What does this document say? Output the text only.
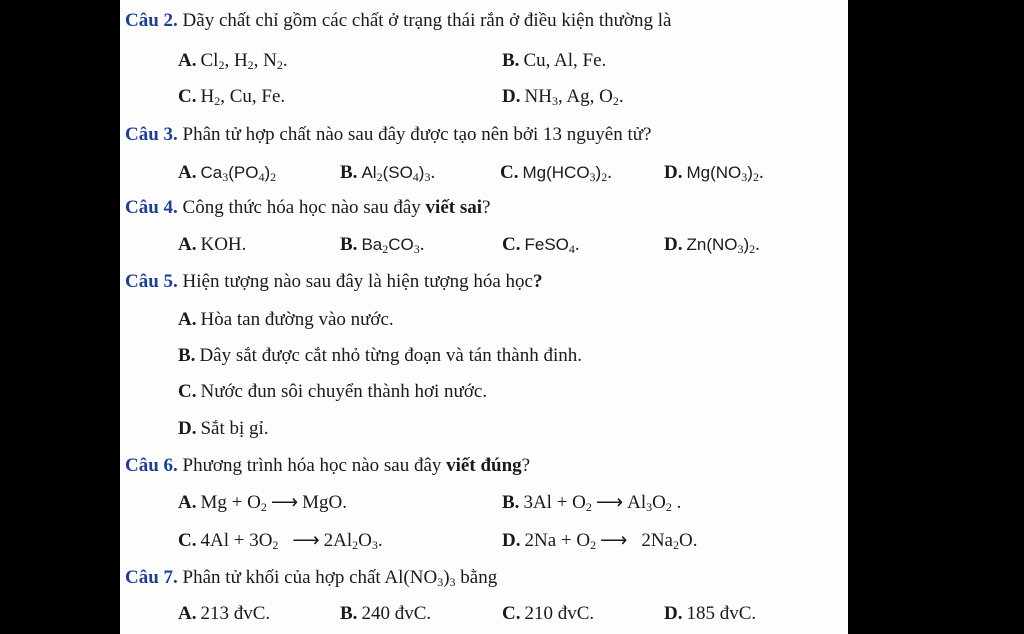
Câu 2. Dãy chất chỉ gồm các chất ở trạng thái rắn ở điều kiện thường là
A. $Cl_2$, $H_2$, $N_2$.	B. Cu, Al, Fe.
C. $H_2$, Cu, Fe.	D. $NH_3$, Ag, $O_2$.
Câu 3. Phân tử hợp chất nào sau đây được tạo nên bởi 13 nguyên tử?
A. $Ca_3(PO_4)_2$	B. $Al_2(SO_4)_3$.	C. $Mg(HCO_3)_2$.	D. $Mg(NO_3)_2$.
Câu 4. Công thức hóa học nào sau đây viết sai?
A. KOH.	B. $Ba_2CO_3$.	C. FeSO$_4$.	D. $Zn(NO_3)_2$.
Câu 5. Hiện tượng nào sau đây là hiện tượng hóa học?
A. Hòa tan đường vào nước.
B. Dây sắt được cắt nhỏ từng đoạn và tán thành đinh.
C. Nước đun sôi chuyển thành hơi nước.
D. Sắt bị gỉ.
Câu 6. Phương trình hóa học nào sau đây viết đúng?
A. $Mg + O_2$ ⟶ MgO.	B. $3Al + O_2$ ⟶ $Al_3O_2$ .
C. $4Al + 3O_2$ ⟶ $2Al_2O_3$.	D. $2Na + O_2$ ⟶ $2Na_2O$.
Câu 7. Phân tử khối của hợp chất $Al(NO_3)_3$ bằng
A. 213 đvC.	B. 240 đvC.	C. 210 đvC.	D. 185 đvC.
